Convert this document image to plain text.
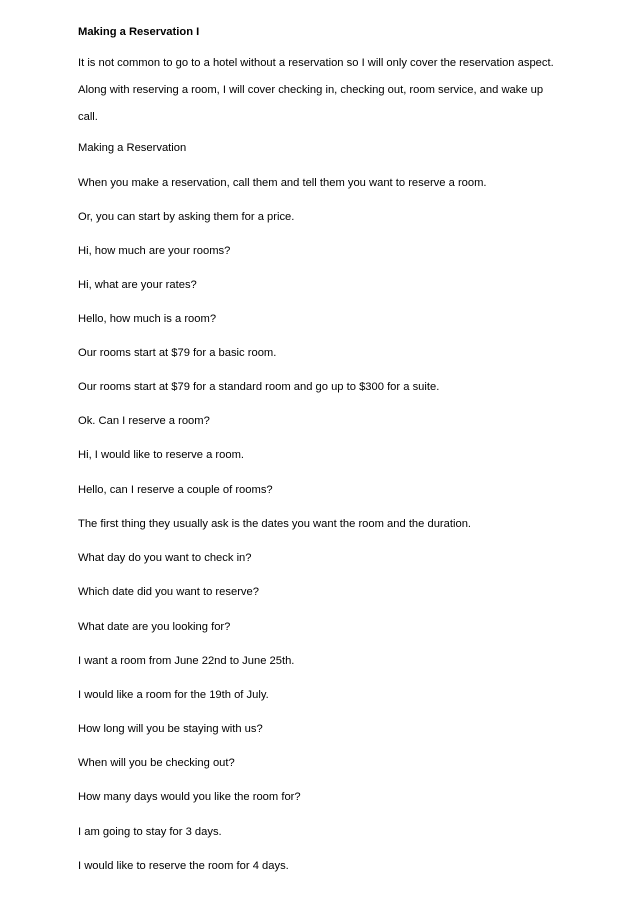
Making a Reservation I
It is not common to go to a hotel without a reservation so I will only cover the reservation aspect. Along with reserving a room, I will cover checking in, checking out, room service, and wake up call.
Making a Reservation
When you make a reservation, call them and tell them you want to reserve a room.
Or, you can start by asking them for a price.
Hi, how much are your rooms?
Hi, what are your rates?
Hello, how much is a room?
Our rooms start at $79 for a basic room.
Our rooms start at $79 for a standard room and go up to $300 for a suite.
Ok. Can I reserve a room?
Hi, I would like to reserve a room.
Hello, can I reserve a couple of rooms?
The first thing they usually ask is the dates you want the room and the duration.
What day do you want to check in?
Which date did you want to reserve?
What date are you looking for?
I want a room from June 22nd to June 25th.
I would like a room for the 19th of July.
How long will you be staying with us?
When will you be checking out?
How many days would you like the room for?
I am going to stay for 3 days.
I would like to reserve the room for 4 days.
